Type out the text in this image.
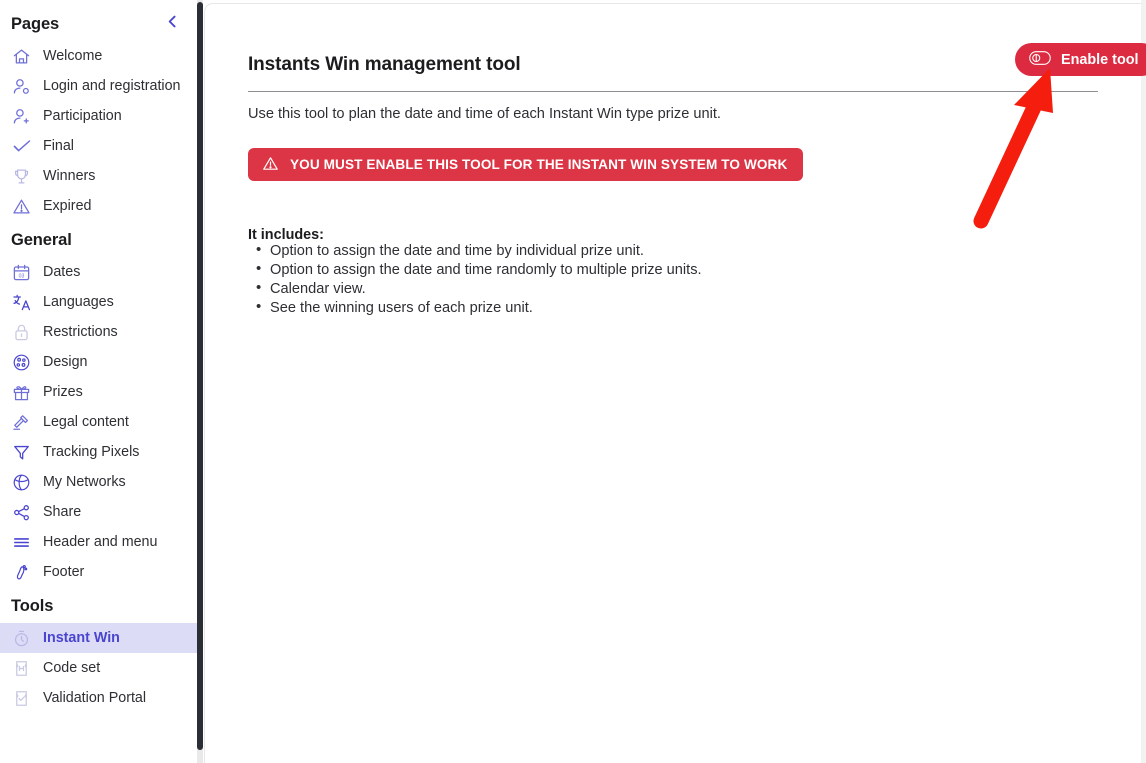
Pages
Welcome
Login and registration
Participation
Final
Winners
Expired
General
03 Dates
Languages
Restrictions
Design
Prizes
Legal content
Tracking Pixels
My Networks
Share
Header and menu
Footer
Tools
Instant Win
Code set
Validation Portal
Instants Win management tool
Use this tool to plan the date and time of each Instant Win type prize unit.
YOU MUST ENABLE THIS TOOL FOR THE INSTANT WIN SYSTEM TO WORK
It includes:
• Option to assign the date and time by individual prize unit.
• Option to assign the date and time randomly to multiple prize units.
• Calendar view.
• See the winning users of each prize unit.
Enable tool
